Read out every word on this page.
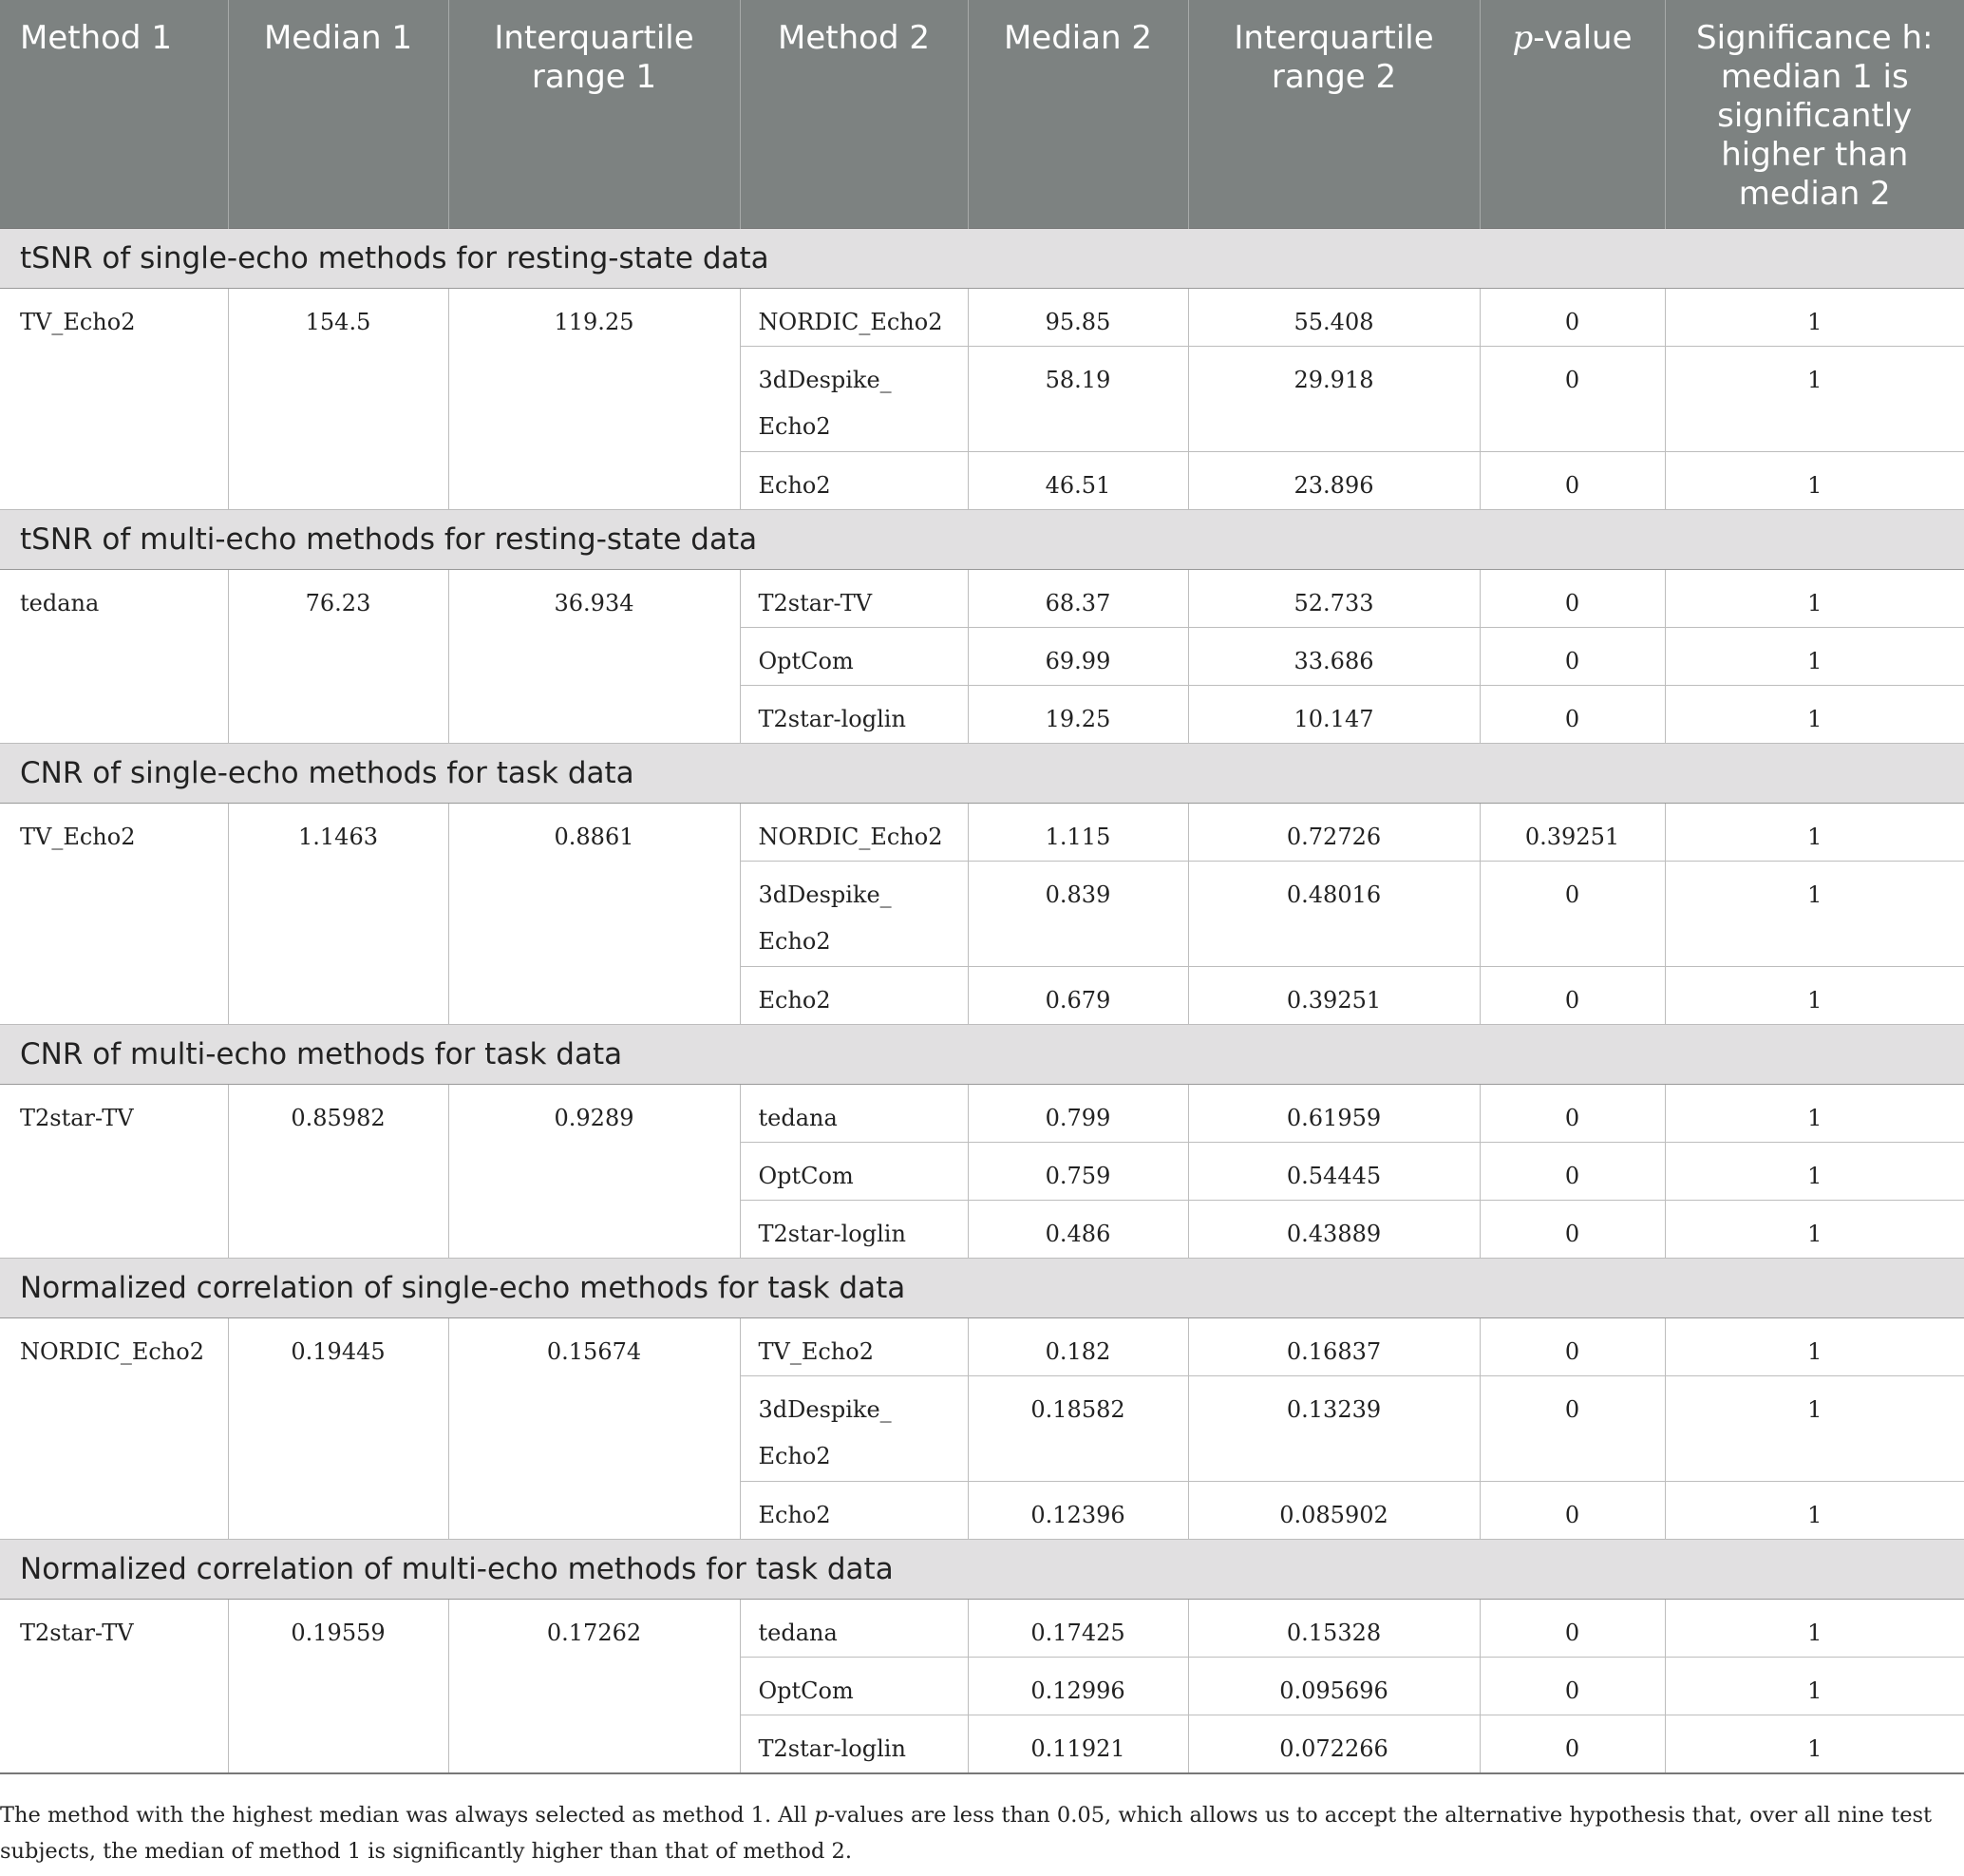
Method 1	Median 1	Interquartile range 1	Method 2	Median 2	Interquartile range 2	p-value	Significance h: median 1 is significantly higher than median 2
tSNR of single-echo methods for resting-state data							
TV_Echo2	154.5	119.25	NORDIC_Echo2	95.85	55.408	0	1
			3dDespike_ Echo2	58.19	29.918	0	1
			Echo2	46.51	23.896	0	1
tSNR of multi-echo methods for resting-state data							
tedana	76.23	36.934	T2star-TV	68.37	52.733	0	1
			OptCom	69.99	33.686	0	1
			T2star-loglin	19.25	10.147	0	1
CNR of single-echo methods for task data							
TV_Echo2	1.1463	0.8861	NORDIC_Echo2	1.115	0.72726	0.39251	1
			3dDespike_ Echo2	0.839	0.48016	0	1
			Echo2	0.679	0.39251	0	1
CNR of multi-echo methods for task data							
T2star-TV	0.85982	0.9289	tedana	0.799	0.61959	0	1
			OptCom	0.759	0.54445	0	1
			T2star-loglin	0.486	0.43889	0	1
Normalized correlation of single-echo methods for task data							
NORDIC_Echo2	0.19445	0.15674	TV_Echo2	0.182	0.16837	0	1
			3dDespike_ Echo2	0.18582	0.13239	0	1
			Echo2	0.12396	0.085902	0	1
Normalized correlation of multi-echo methods for task data							
T2star-TV	0.19559	0.17262	tedana	0.17425	0.15328	0	1
			OptCom	0.12996	0.095696	0	1
			T2star-loglin	0.11921	0.072266	0	1
The method with the highest median was always selected as method 1. All p-values are less than 0.05, which allows us to accept the alternative hypothesis that, over all nine test subjects, the median of method 1 is significantly higher than that of method 2.
